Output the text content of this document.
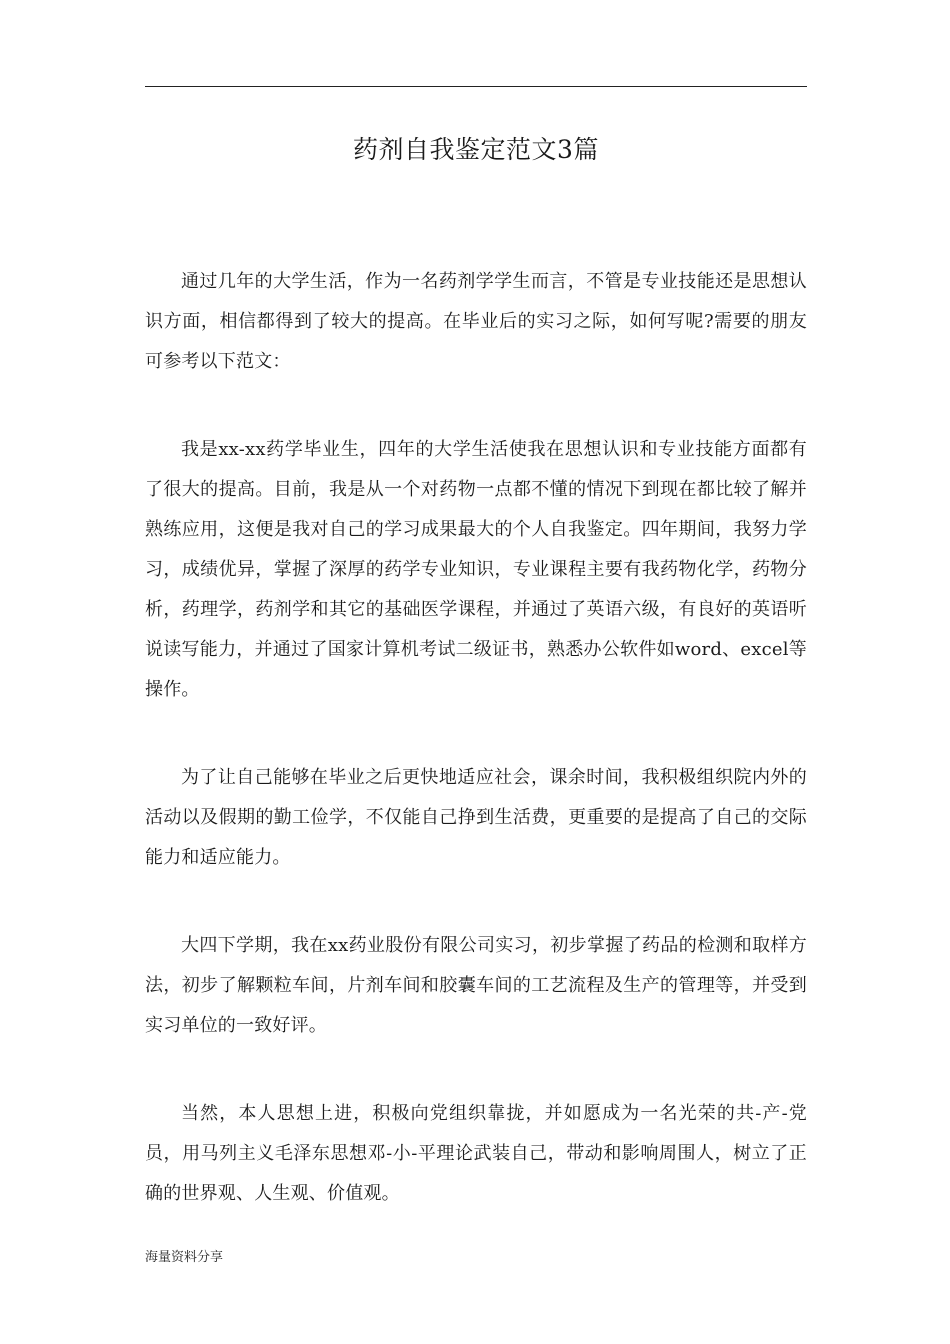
药剂自我鉴定范文3篇

通过几年的大学生活，作为一名药剂学学生而言，不管是专业技能还是思想认识方面，相信都得到了较大的提高。在毕业后的实习之际，如何写呢?需要的朋友可参考以下范文：

我是xx-xx药学毕业生，四年的大学生活使我在思想认识和专业技能方面都有了很大的提高。目前，我是从一个对药物一点都不懂的情况下到现在都比较了解并熟练应用，这便是我对自己的学习成果最大的个人自我鉴定。四年期间，我努力学习，成绩优异，掌握了深厚的药学专业知识，专业课程主要有我药物化学，药物分析，药理学，药剂学和其它的基础医学课程，并通过了英语六级，有良好的英语听说读写能力，并通过了国家计算机考试二级证书，熟悉办公软件如word、excel等操作。

为了让自己能够在毕业之后更快地适应社会，课余时间，我积极组织院内外的活动以及假期的勤工俭学，不仅能自己挣到生活费，更重要的是提高了自己的交际能力和适应能力。

大四下学期，我在xx药业股份有限公司实习，初步掌握了药品的检测和取样方法，初步了解颗粒车间，片剂车间和胶囊车间的工艺流程及生产的管理等，并受到实习单位的一致好评。

当然，本人思想上进，积极向党组织靠拢，并如愿成为一名光荣的共-产-党员，用马列主义毛泽东思想邓-小-平理论武装自己，带动和影响周围人，树立了正确的世界观、人生观、价值观。

海量资料分享
